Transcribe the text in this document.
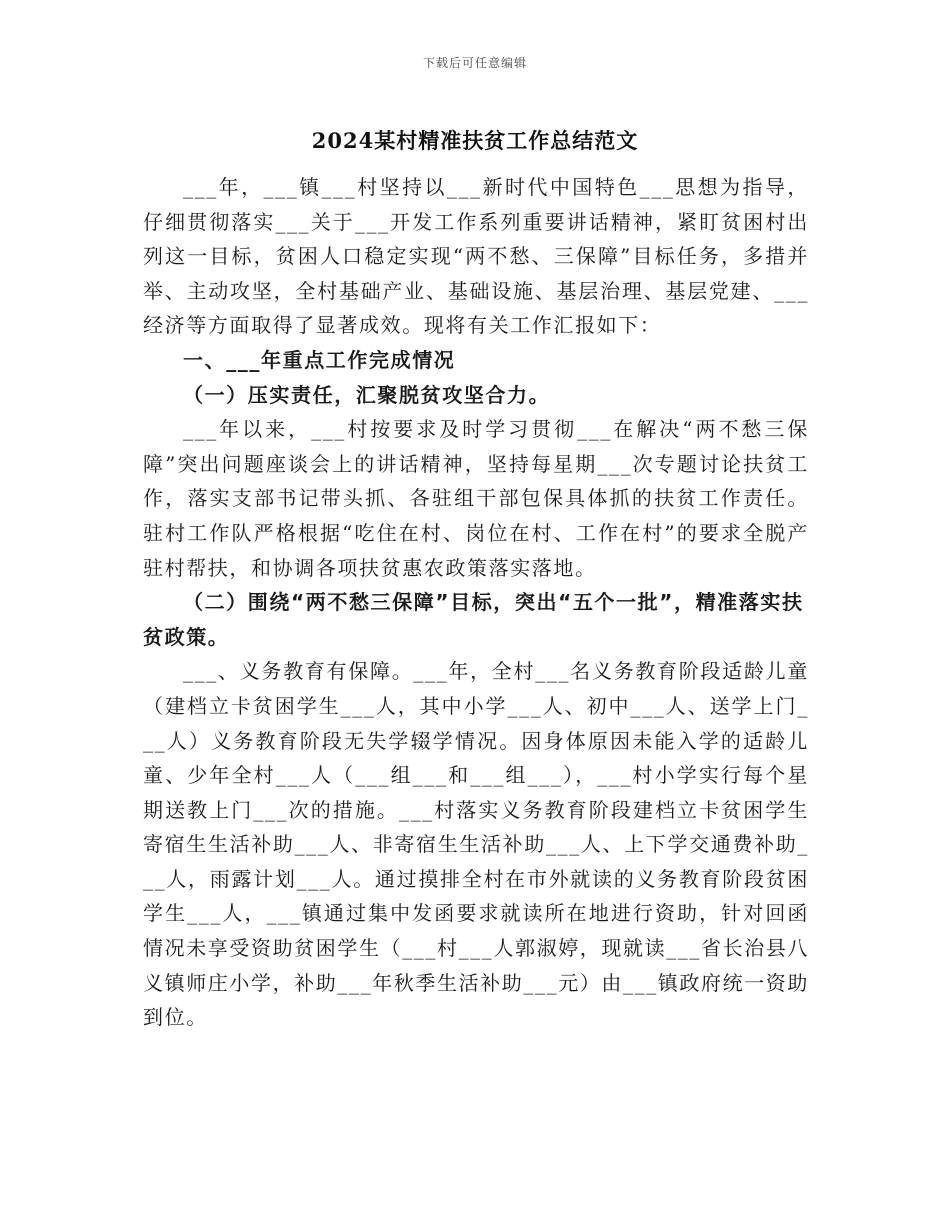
下载后可任意编辑
2024某村精准扶贫工作总结范文

___年，___镇___村坚持以___新时代中国特色___思想为指导，仔细贯彻落实___关于___开发工作系列重要讲话精神，紧盯贫困村出列这一目标，贫困人口稳定实现“两不愁、三保障”目标任务，多措并举、主动攻坚，全村基础产业、基础设施、基层治理、基层党建、___经济等方面取得了显著成效。现将有关工作汇报如下：

一、___年重点工作完成情况

（一）压实责任，汇聚脱贫攻坚合力。

___年以来，___村按要求及时学习贯彻___在解决“两不愁三保障”突出问题座谈会上的讲话精神，坚持每星期___次专题讨论扶贫工作，落实支部书记带头抓、各驻组干部包保具体抓的扶贫工作责任。驻村工作队严格根据“吃住在村、岗位在村、工作在村”的要求全脱产驻村帮扶，和协调各项扶贫惠农政策落实落地。

（二）围绕“两不愁三保障”目标，突出“五个一批”，精准落实扶贫政策。

___、义务教育有保障。___年，全村___名义务教育阶段适龄儿童（建档立卡贫困学生___人，其中小学___人、初中___人、送学上门___人）义务教育阶段无失学辍学情况。因身体原因未能入学的适龄儿童、少年全村___人（___组___和___组___），___村小学实行每个星期送教上门___次的措施。___村落实义务教育阶段建档立卡贫困学生寄宿生生活补助___人、非寄宿生生活补助___人、上下学交通费补助___人，雨露计划___人。通过摸排全村在市外就读的义务教育阶段贫困学生___人，___镇通过集中发函要求就读所在地进行资助，针对回函情况未享受资助贫困学生（___村___人郭淑婷，现就读___省长治县八义镇师庄小学，补助___年秋季生活补助___元）由___镇政府统一资助到位。
